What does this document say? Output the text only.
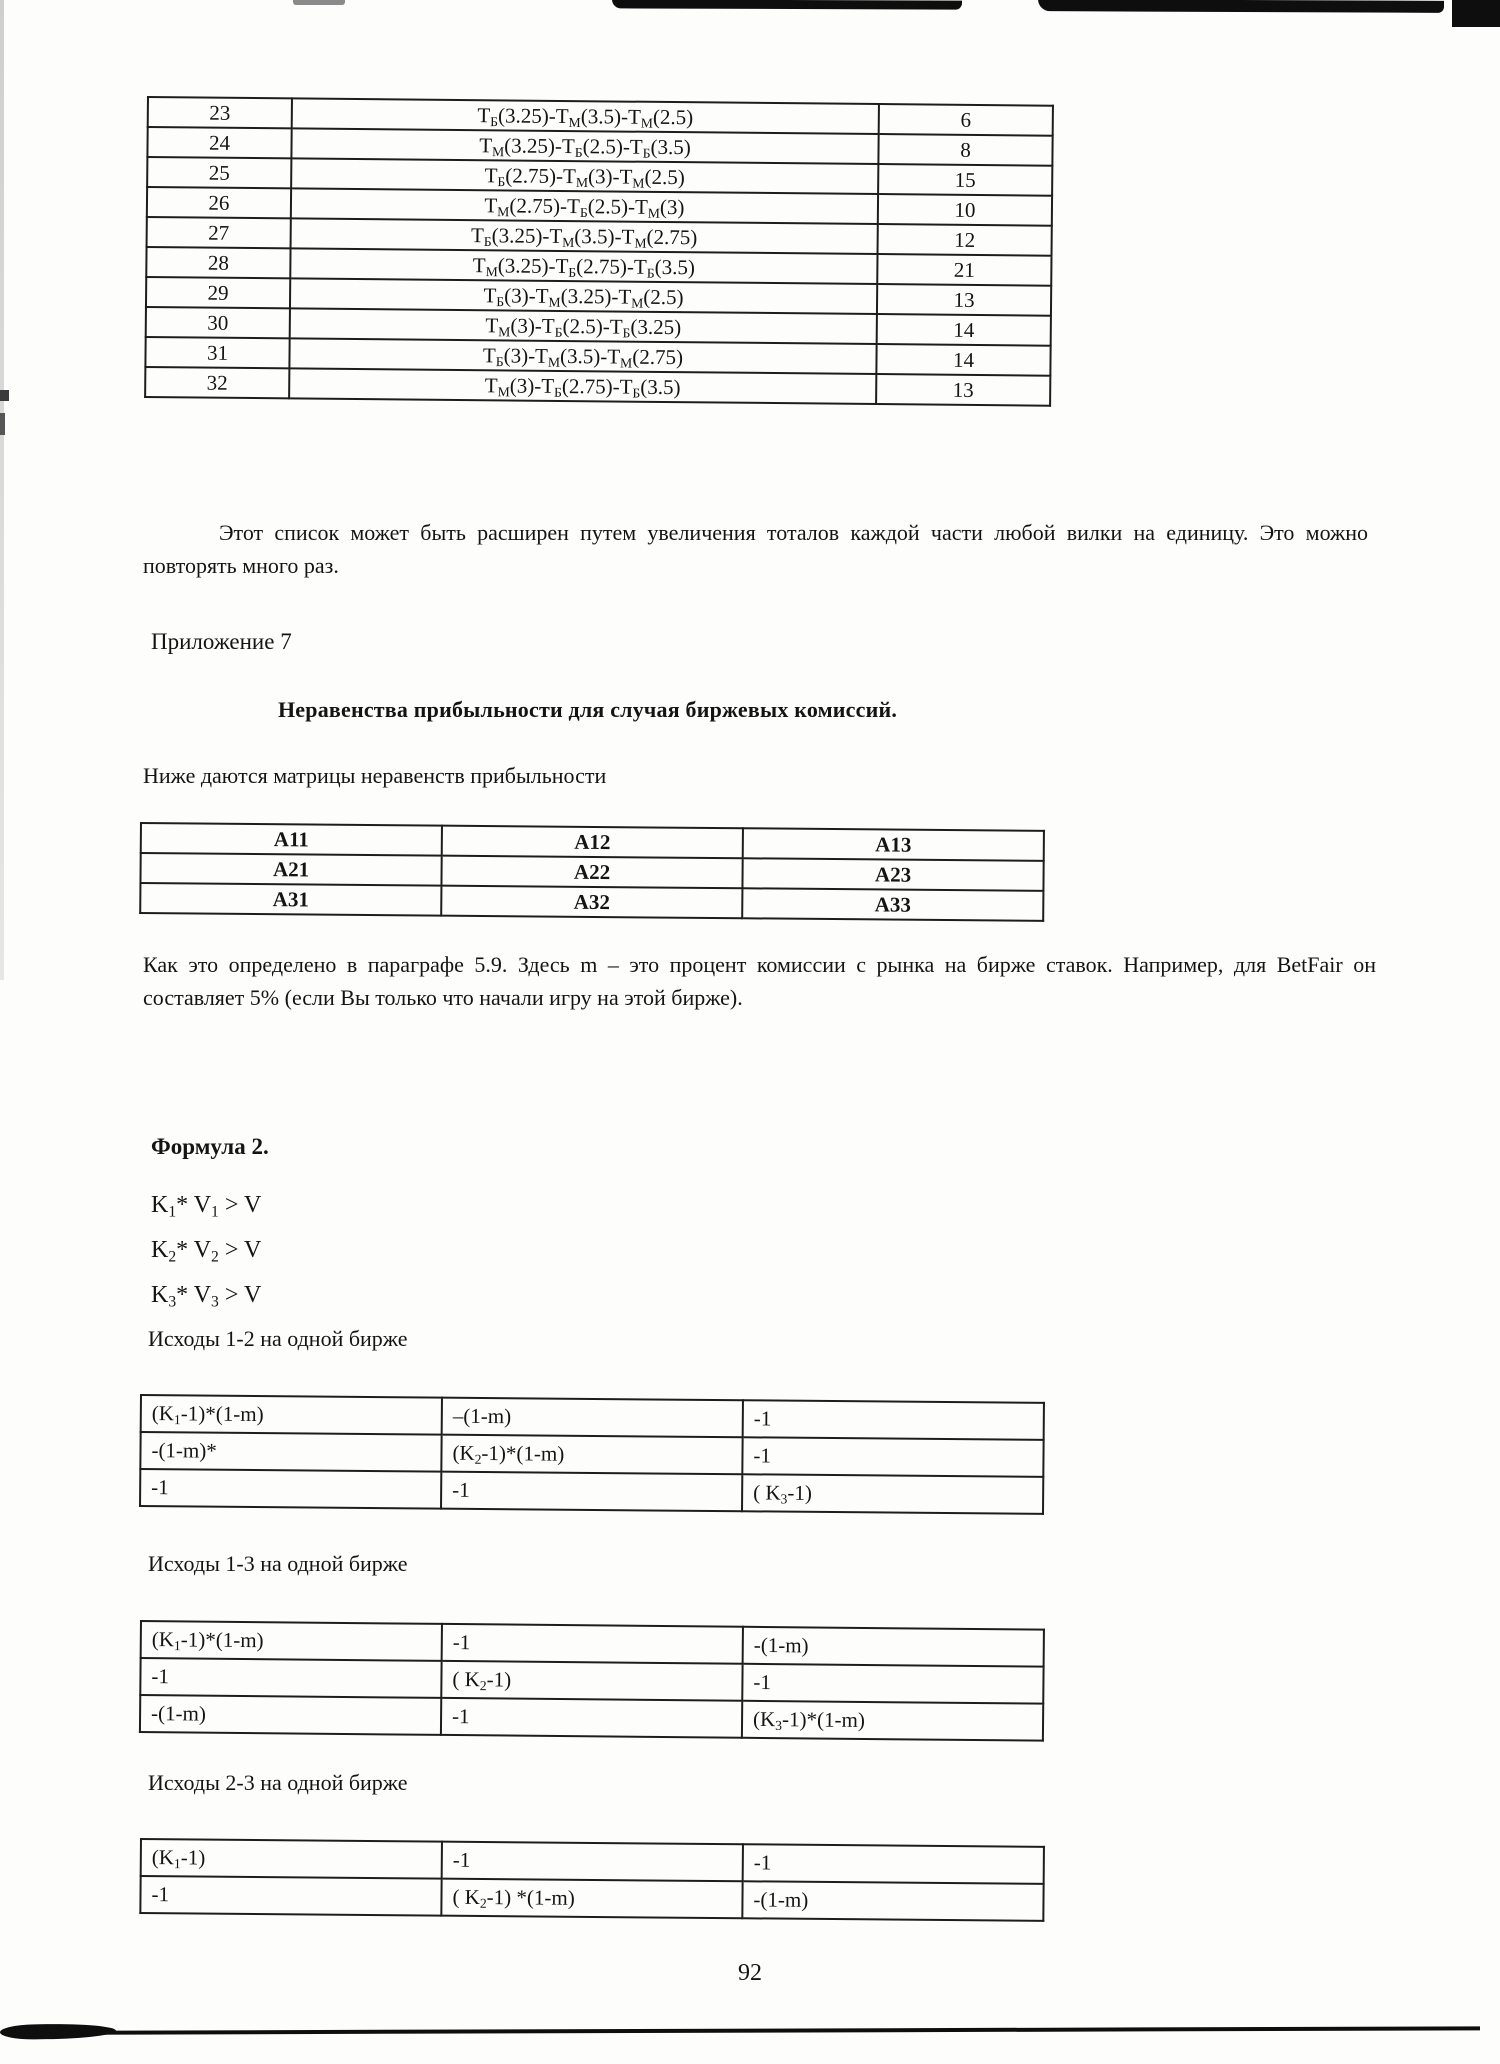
23	$Т_Б(3.25)-Т_М(3.5)-Т_М(2.5)$	6
24	$Т_М(3.25)-Т_Б(2.5)-Т_Б(3.5)$	8
25	$Т_Б(2.75)-Т_М(3)-Т_М(2.5)$	15
26	$Т_М(2.75)-Т_Б(2.5)-Т_М(3)$	10
27	$Т_Б(3.25)-Т_М(3.5)-Т_М(2.75)$	12
28	$Т_М(3.25)-Т_Б(2.75)-Т_Б(3.5)$	21
29	$Т_Б(3)-Т_М(3.25)-Т_М(2.5)$	13
30	$Т_М(3)-Т_Б(2.5)-Т_Б(3.25)$	14
31	$Т_Б(3)-Т_М(3.5)-Т_М(2.75)$	14
32	$Т_М(3)-Т_Б(2.75)-Т_Б(3.5)$	13

Этот список может быть расширен путем увеличения тоталов каждой части любой вилки на единицу. Это можно повторять много раз.

Приложение 7
Неравенства прибыльности для случая биржевых комиссий.
Ниже даются матрицы неравенств прибыльности
A11	A12	A13
A21	A22	A23
A31	A32	A33

Как это определено в параграфе 5.9. Здесь m – это процент комиссии с рынка на бирже ставок. Например, для BetFair он составляет 5% (если Вы только что начали игру на этой бирже).

Формула 2.
$K_1*$ $V_1 > V$
$K_2*$ $V_2 > V$
$K_3*$ $V_3 > V$
Исходы 1-2 на одной бирже
$(K_1-1)*(1-m)$	–(1-m)	-1
-(1-m)*	$(K_2-1)*(1-m)$	-1
-1	-1	( $K_3-1$)
Исходы 1-3 на одной бирже
$(K_1-1)*(1-m)$	-1	-(1-m)
-1	( $K_2-1$)	-1
-(1-m)	-1	$(K_3-1)*(1-m)$
Исходы 2-3 на одной бирже
$(K_1-1)$	-1	-1
-1	( $K_2-1$) *(1-m)	-(1-m)
92
